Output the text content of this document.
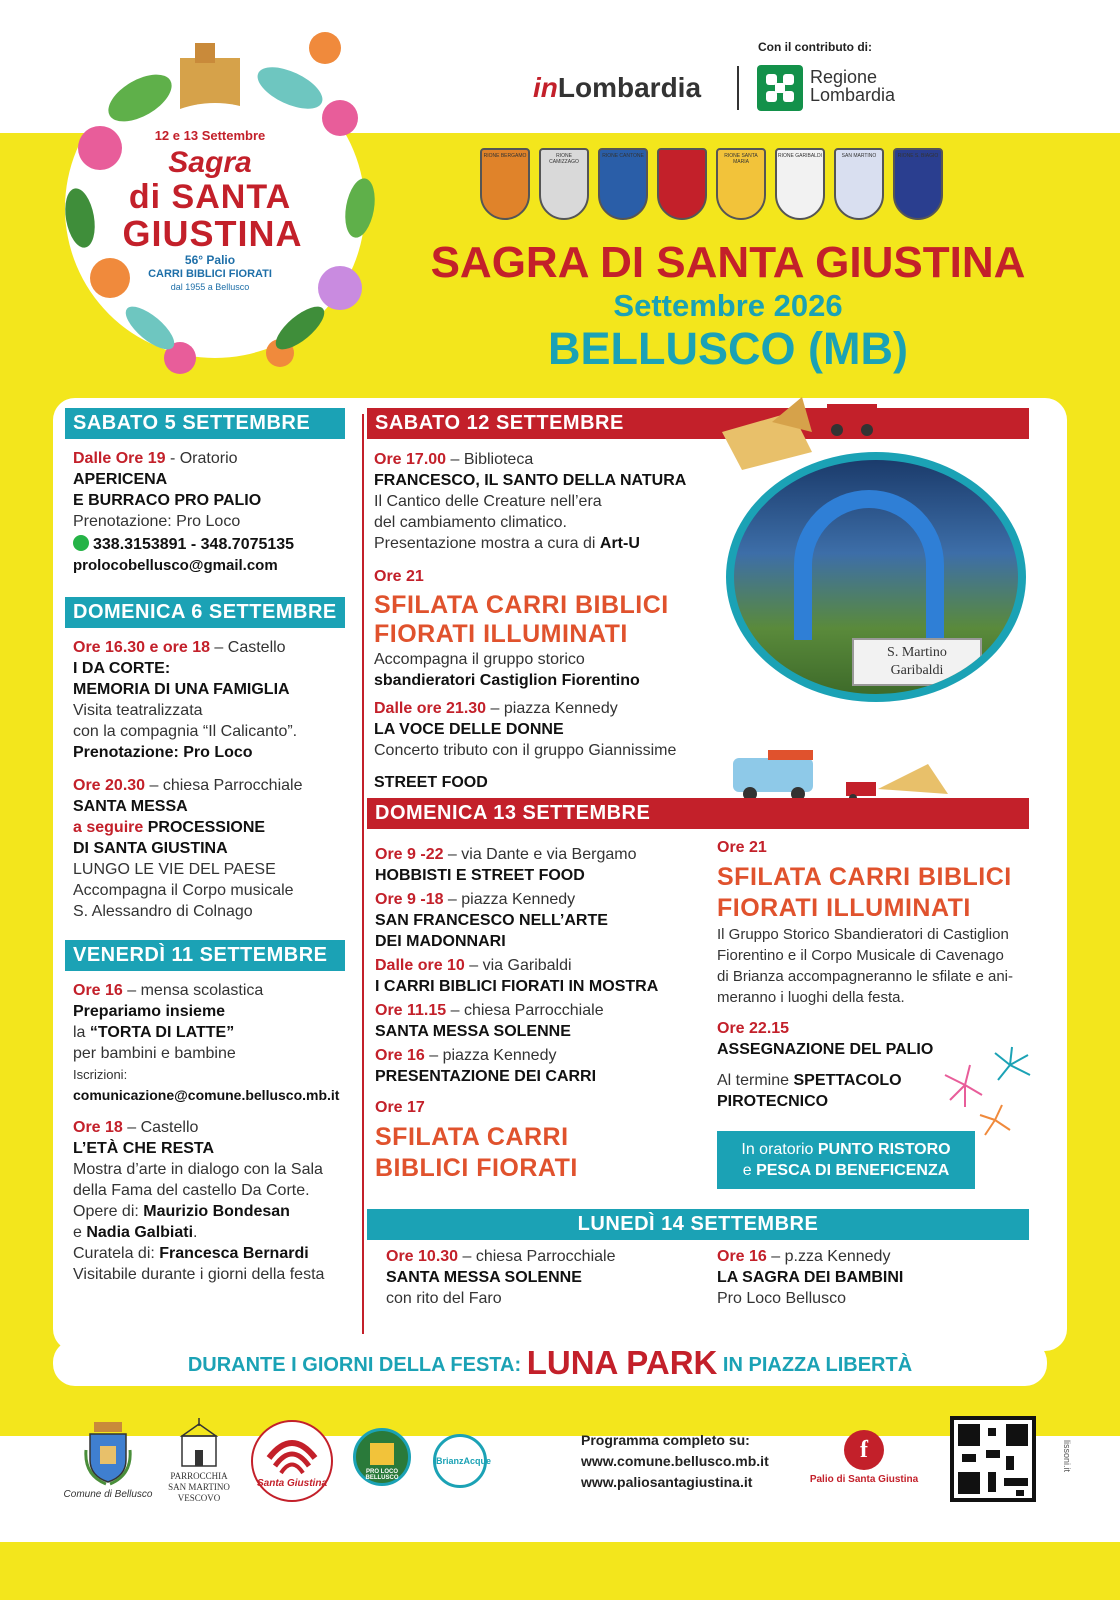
12 e 13 Settembre
Sagra
di SANTA
GIUSTINA
56° Palio
CARRI BIBLICI FIORATI
dal 1955 a Bellusco
Con il contributo di:
inLombardia	Regione
Lombardia
RIONE BERGAMO	RIONE CAMIZZAGO
RIONE CANTONE	RIONE SANTA MARIA
RIONE GARIBALDI	SAN MARTINO	RIONE S. BIAGIO
SAGRA DI SANTA GIUSTINA
Settembre 2026
BELLUSCO (MB)
SABATO 5 SETTEMBRE
Dalle Ore 19 - Oratorio
APERICENA
E BURRACO PRO PALIO
Prenotazione: Pro Loco
338.3153891 - 348.7075135
prolocobellusco@gmail.com
DOMENICA 6 SETTEMBRE
Ore 16.30 e ore 18 – Castello
I DA CORTE:
MEMORIA DI UNA FAMIGLIA
Visita teatralizzata
con la compagnia “Il Calicanto”.
Prenotazione: Pro Loco
Ore 20.30 – chiesa Parrocchiale
SANTA MESSA
a seguire PROCESSIONE
DI SANTA GIUSTINA
LUNGO LE VIE DEL PAESE
Accompagna il Corpo musicale
S. Alessandro di Colnago
VENERDÌ 11 SETTEMBRE
Ore 16 – mensa scolastica
Prepariamo insieme
la “TORTA DI LATTE”
per bambini e bambine
Iscrizioni:
comunicazione@comune.bellusco.mb.it
Ore 18 – Castello
L’ETÀ CHE RESTA
Mostra d’arte in dialogo con la Sala
della Fama del castello Da Corte.
Opere di: Maurizio Bondesan
e Nadia Galbiati.
Curatela di: Francesca Bernardi
Visitabile durante i giorni della festa
SABATO 12 SETTEMBRE
Ore 17.00 – Biblioteca
FRANCESCO, IL SANTO DELLA NATURA
Il Cantico delle Creature nell’era
del cambiamento climatico.
Presentazione mostra a cura di Art-U
Ore 21
SFILATA CARRI BIBLICI
FIORATI ILLUMINATI
Accompagna il gruppo storico
sbandieratori Castiglion Fiorentino
Dalle ore 21.30 – piazza Kennedy
LA VOCE DELLE DONNE
Concerto tributo con il gruppo Giannissime
STREET FOOD
S. Martino
Garibaldi
DOMENICA 13 SETTEMBRE
Ore 9 -22 – via Dante e via Bergamo
HOBBISTI E STREET FOOD
Ore 9 -18 – piazza Kennedy
SAN FRANCESCO NELL’ARTE
DEI MADONNARI
Dalle ore 10 – via Garibaldi
I CARRI BIBLICI FIORATI IN MOSTRA
Ore 11.15 – chiesa Parrocchiale
SANTA MESSA SOLENNE
Ore 16 – piazza Kennedy
PRESENTAZIONE DEI CARRI
Ore 17
SFILATA CARRI
BIBLICI FIORATI
Ore 21
SFILATA CARRI BIBLICI
FIORATI ILLUMINATI
Il Gruppo Storico Sbandieratori di Castiglion
Fiorentino e il Corpo Musicale di Cavenago
di Brianza accompagneranno le sfilate e ani-
meranno i luoghi della festa.
Ore 22.15
ASSEGNAZIONE DEL PALIO
Al termine SPETTACOLO
PIROTECNICO
In oratorio PUNTO RISTORO
e PESCA DI BENEFICENZA
LUNEDÌ 14 SETTEMBRE
Ore 10.30 – chiesa Parrocchiale
SANTA MESSA SOLENNE
con rito del Faro
Ore 16 – p.zza Kennedy
LA SAGRA DEI BAMBINI
Pro Loco Bellusco
DURANTE I GIORNI DELLA FESTA: LUNA PARK IN PIAZZA LIBERTÀ
Comune di Bellusco
PARROCCHIA
SAN MARTINO
VESCOVO
Santa Giustina
PRO LOCO BELLUSCO
BrianzAcque
Programma completo su:
www.comune.bellusco.mb.it
www.paliosantagiustina.it
f
Palio di Santa Giustina
lissoni.it
